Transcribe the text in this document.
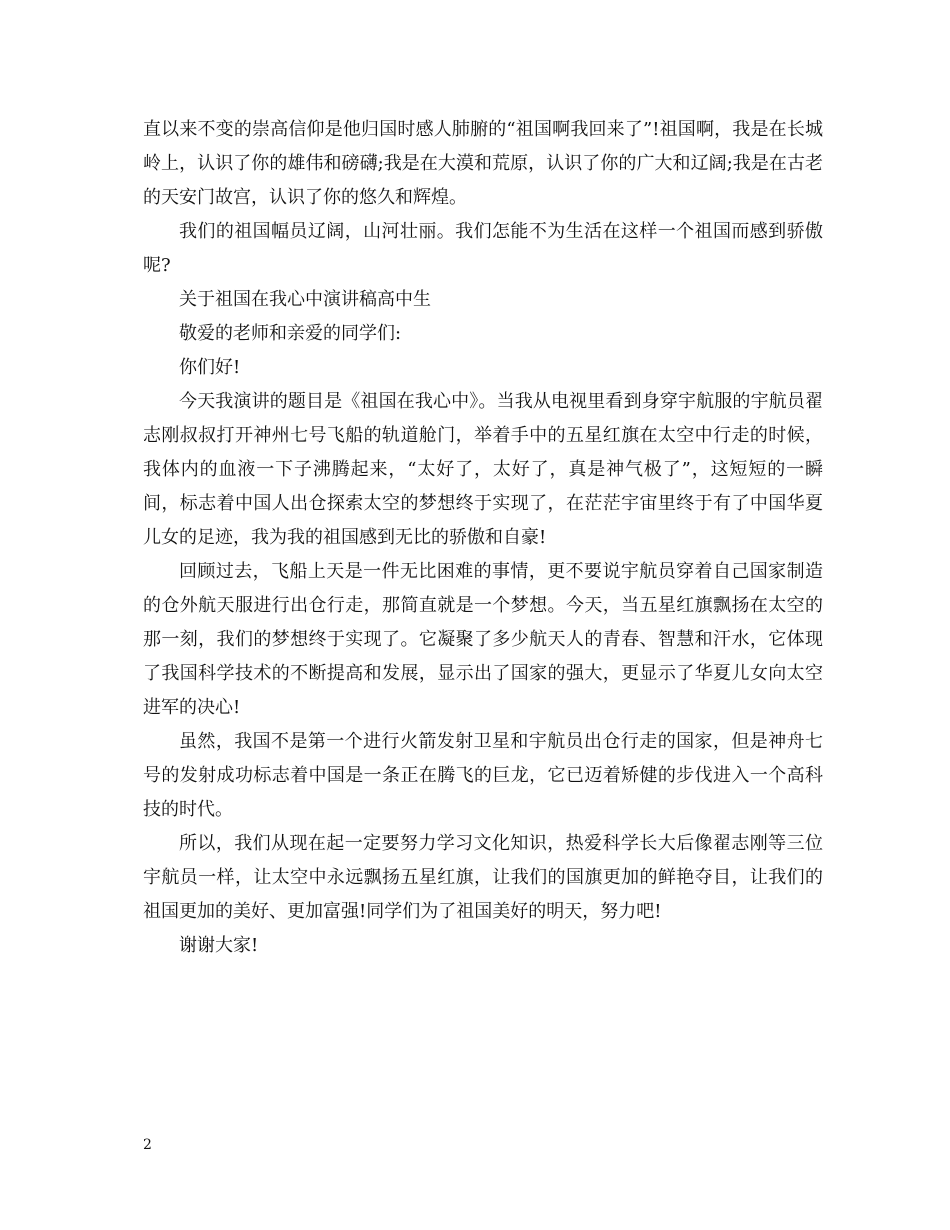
直以来不变的崇高信仰是他归国时感人肺腑的“祖国啊我回来了”!祖国啊，我是在长城岭上，认识了你的雄伟和磅礴;我是在大漠和荒原，认识了你的广大和辽阔;我是在古老的天安门故宫，认识了你的悠久和辉煌。

我们的祖国幅员辽阔，山河壮丽。我们怎能不为生活在这样一个祖国而感到骄傲呢?

关于祖国在我心中演讲稿高中生

敬爱的老师和亲爱的同学们:

你们好!

今天我演讲的题目是《祖国在我心中》。当我从电视里看到身穿宇航服的宇航员翟志刚叔叔打开神州七号飞船的轨道舱门，举着手中的五星红旗在太空中行走的时候，我体内的血液一下子沸腾起来，“太好了，太好了，真是神气极了”，这短短的一瞬间，标志着中国人出仓探索太空的梦想终于实现了，在茫茫宇宙里终于有了中国华夏儿女的足迹，我为我的祖国感到无比的骄傲和自豪!

回顾过去，飞船上天是一件无比困难的事情，更不要说宇航员穿着自己国家制造的仓外航天服进行出仓行走，那简直就是一个梦想。今天，当五星红旗飘扬在太空的那一刻，我们的梦想终于实现了。它凝聚了多少航天人的青春、智慧和汗水，它体现了我国科学技术的不断提高和发展，显示出了国家的强大，更显示了华夏儿女向太空进军的决心!

虽然，我国不是第一个进行火箭发射卫星和宇航员出仓行走的国家，但是神舟七号的发射成功标志着中国是一条正在腾飞的巨龙，它已迈着矫健的步伐进入一个高科技的时代。

所以，我们从现在起一定要努力学习文化知识，热爱科学长大后像翟志刚等三位宇航员一样，让太空中永远飘扬五星红旗，让我们的国旗更加的鲜艳夺目，让我们的祖国更加的美好、更加富强!同学们为了祖国美好的明天，努力吧!

谢谢大家!

2
